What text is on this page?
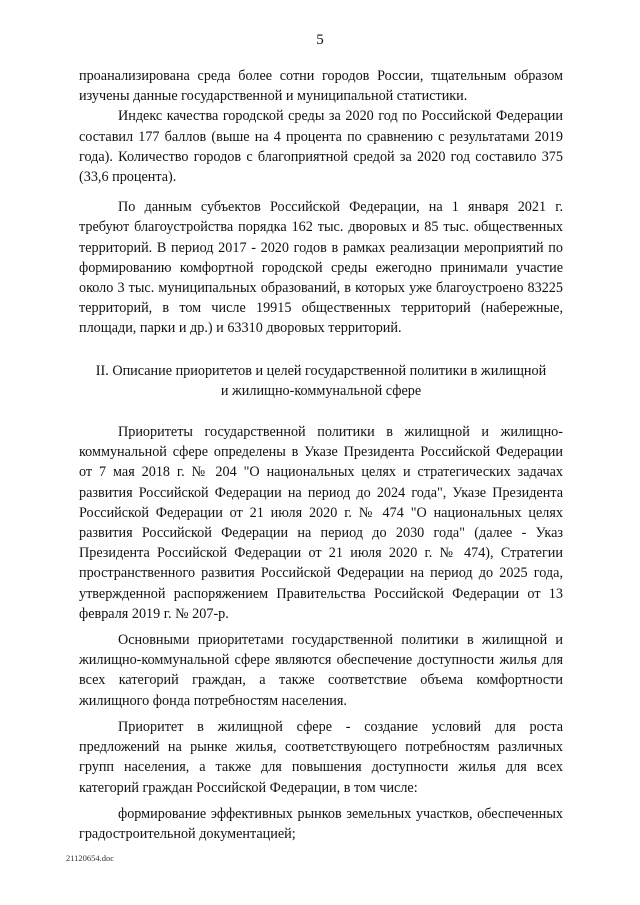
5

проанализирована среда более сотни городов России, тщательным образом изучены данные государственной и муниципальной статистики.

Индекс качества городской среды за 2020 год по Российской Федерации составил 177 баллов (выше на 4 процента по сравнению с результатами 2019 года). Количество городов с благоприятной средой за 2020 год составило 375 (33,6 процента).

По данным субъектов Российской Федерации, на 1 января 2021 г. требуют благоустройства порядка 162 тыс. дворовых и 85 тыс. общественных территорий. В период 2017 - 2020 годов в рамках реализации мероприятий по формированию комфортной городской среды ежегодно принимали участие около 3 тыс. муниципальных образований, в которых уже благоустроено 83225 территорий, в том числе 19915 общественных территорий (набережные, площади, парки и др.) и 63310 дворовых территорий.

II. Описание приоритетов и целей государственной политики в жилищной
и жилищно-коммунальной сфере

Приоритеты государственной политики в жилищной и жилищно-коммунальной сфере определены в Указе Президента Российской Федерации от 7 мая 2018 г. № 204 "О национальных целях и стратегических задачах развития Российской Федерации на период до 2024 года", Указе Президента Российской Федерации от 21 июля 2020 г. № 474 "О национальных целях развития Российской Федерации на период до 2030 года" (далее - Указ Президента Российской Федерации от 21 июля 2020 г. № 474), Стратегии пространственного развития Российской Федерации на период до 2025 года, утвержденной распоряжением Правительства Российской Федерации от 13 февраля 2019 г. № 207-р.

Основными приоритетами государственной политики в жилищной и жилищно-коммунальной сфере являются обеспечение доступности жилья для всех категорий граждан, а также соответствие объема комфортности жилищного фонда потребностям населения.

Приоритет в жилищной сфере - создание условий для роста предложений на рынке жилья, соответствующего потребностям различных групп населения, а также для повышения доступности жилья для всех категорий граждан Российской Федерации, в том числе:

формирование эффективных рынков земельных участков, обеспеченных градостроительной документацией;

21120654.doc
